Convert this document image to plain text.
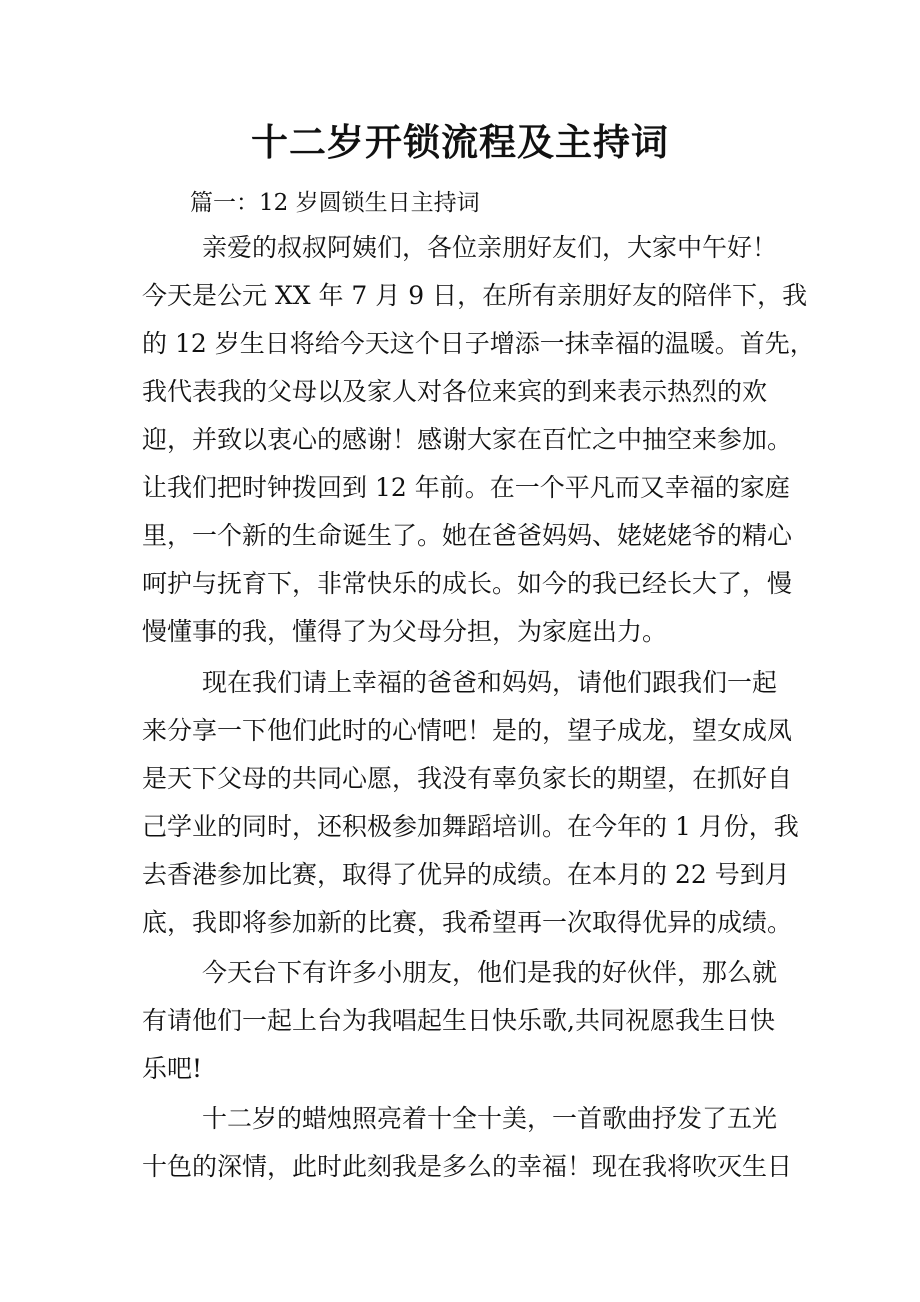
十二岁开锁流程及主持词
篇一：12 岁圆锁生日主持词
亲爱的叔叔阿姨们，各位亲朋好友们，大家中午好！
今天是公元 XX 年 7 月 9 日，在所有亲朋好友的陪伴下，我
的 12 岁生日将给今天这个日子增添一抹幸福的温暖。首先，
我代表我的父母以及家人对各位来宾的到来表示热烈的欢
迎，并致以衷心的感谢！感谢大家在百忙之中抽空来参加。
让我们把时钟拨回到 12 年前。在一个平凡而又幸福的家庭
里，一个新的生命诞生了。她在爸爸妈妈、姥姥姥爷的精心
呵护与抚育下，非常快乐的成长。如今的我已经长大了，慢
慢懂事的我，懂得了为父母分担，为家庭出力。
现在我们请上幸福的爸爸和妈妈，请他们跟我们一起
来分享一下他们此时的心情吧！是的，望子成龙，望女成凤
是天下父母的共同心愿，我没有辜负家长的期望，在抓好自
己学业的同时，还积极参加舞蹈培训。在今年的 1 月份，我
去香港参加比赛，取得了优异的成绩。在本月的 22 号到月
底，我即将参加新的比赛，我希望再一次取得优异的成绩。
今天台下有许多小朋友，他们是我的好伙伴，那么就
有请他们一起上台为我唱起生日快乐歌,共同祝愿我生日快
乐吧!
十二岁的蜡烛照亮着十全十美，一首歌曲抒发了五光
十色的深情，此时此刻我是多么的幸福！现在我将吹灭生日
